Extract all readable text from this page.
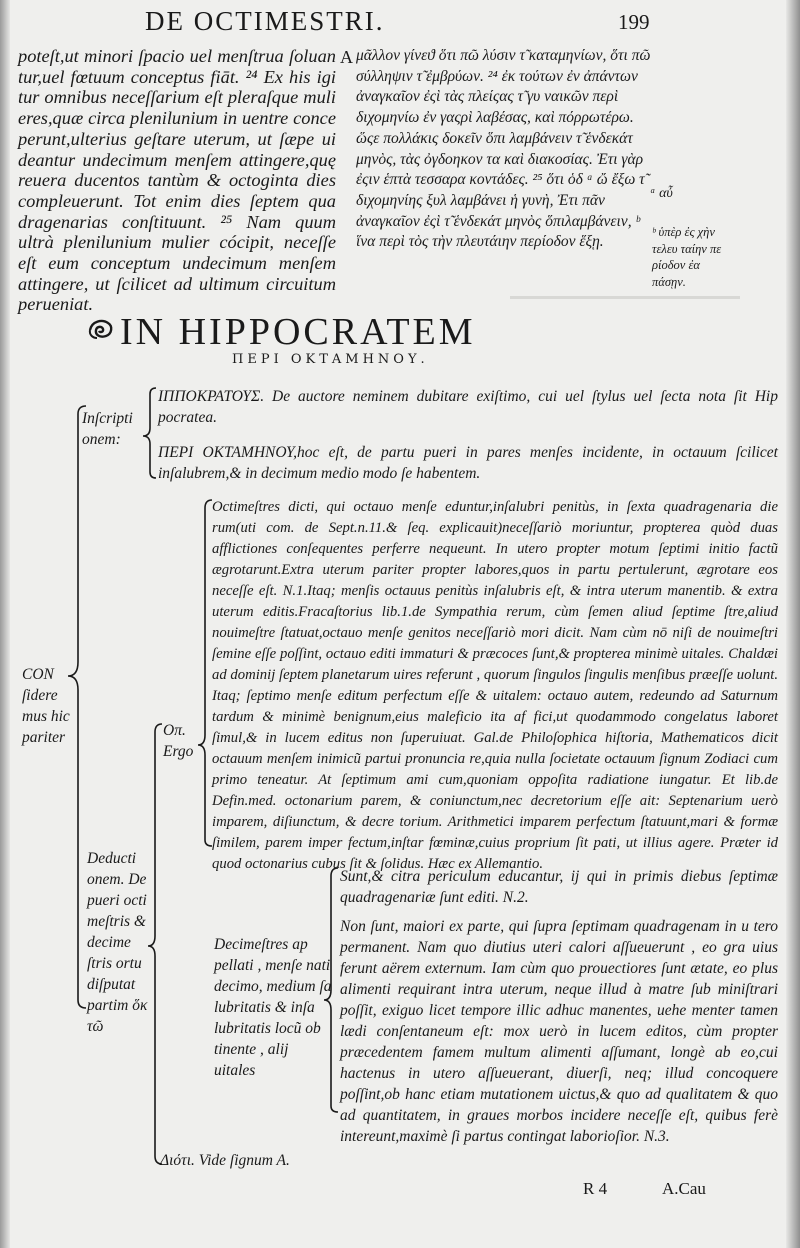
DE OCTIMESTRI.	199
poteſt,ut minori ſpacio uel menſtrua ſoluan tur,uel fœtuum conceptus fiāt. ²⁴ Ex his igi tur omnibus neceſſarium eſt pleraſque muli eres,quæ circa plenilunium in uentre conce perunt,ulterius geſtare uterum, ut ſæpe ui deantur undecimum menſem attingere,quę reuera ducentos tantùm & octoginta dies compleuerunt. Tot enim dies ſeptem qua dragenarias conſtituunt. ²⁵ Nam quum ultrà plenilunium mulier cócipit, neceſſe eſt eum conceptum undecimum menſem attingere, ut ſcilicet ad ultimum circuitum perueniat.
A μᾶλλον γίνεϑ ὅτι πῶ λύσιν τ̃ καταμηνίων, ὅτι πῶ σύλληψιν τ̃ ἐμβρύων. ²⁴ ἐκ τούτων ἐν ἀπάντων ἀναγκαῖον ἐςὶ τὰς πλείςας τ̃ γυ ναικῶν περὶ διχομηνίω ἐν γαςρὶ λαβέσας, καὶ πόρρωτέρω. ὥςε πολλάκις δοκεῖν ὅπι λαμβάνειν τ̃ ἑνδεκάτ μηνὸς, τὰς ὀγδοηκον τα καὶ διακοσίας. Ἐτι γὰρ ἐςιν ἑπτὰ τεσσαρα κοντάδες. ²⁵ ὅτι ὁδ ᵃ ὤ ἔξω τ̃ διχομηνίης ξυλ λαμβάνει ἡ γυνὴ, Ἐτι πᾶν ἀναγκαῖον ἐςὶ τ̃ ἑνδεκάτ μηνὸς ὅπιλαμβάνειν, ᵇ ἵνα περὶ τὸς τὴν πλευτάιην περίοδον ἕξῃ.
ᵃ αὖ
ᵇ ὑπὲρ ἐς χὴν τελευ ταίην πε ρίοδον ἐα πάσῃν.
IN HIPPOCRATEM
ΠΕΡΙ ΟΚΤΑΜΗΝΟΥ.
Inſcripti onem:
ΙΠΠΟΚΡΑΤΟΥΣ. De auctore neminem dubitare exiſtimo, cui uel ſtylus uel ſecta nota ſit Hip pocratea.
ΠΕΡΙ ΟΚΤΑΜΗΝΟΥ,hoc eſt, de partu pueri in pares menſes incidente, in octauum ſcilicet inſalubrem,& in decimum medio modo ſe habentem.
CON ſidere mus hic pariter
Deducti onem. De pueri octi meſtris & decime ſtris ortu diſputat partim ὅκ τῶ
Oπ. Ergo
Octimeſtres dicti, qui octauo menſe eduntur,inſalubri penitùs, in ſexta quadragenaria die rum(uti com. de Sept.n.11.& ſeq. explicauit)neceſſariò moriuntur, propterea quòd duas afflictiones conſequentes perferre nequeunt. In utero propter motum ſeptimi initio factũ ægrotarunt.Extra uterum pariter propter labores,quos in partu pertulerunt, ægrotare eos neceſſe eſt. N.1.Itaq; menſis octauus penitùs inſalubris eſt, & intra uterum manentib. & extra uterum editis.Fracaſtorius lib.1.de Sympathia rerum, cùm ſemen aliud ſeptime ſtre,aliud nouimeſtre ſtatuat,octauo menſe genitos neceſſariò mori dicit. Nam cùm nō niſi de nouimeſtri ſemine eſſe poſſint, octauo editi immaturi & præcoces ſunt,& propterea minimè uitales. Chaldæi ad dominij ſeptem planetarum uires referunt , quorum ſingulos ſingulis menſibus præeſſe uolunt. Itaq; ſeptimo menſe editum perfectum eſſe & uitalem: octauo autem, redeundo ad Saturnum tardum & minimè benignum,eius maleficio ita af fici,ut quodammodo congelatus laboret ſimul,& in lucem editus non ſuperuiuat. Gal.de Philoſophica hiſtoria, Mathematicos dicit octauum menſem inimicũ partui pronuncia re,quia nulla ſocietate octauum ſignum Zodiaci cum primo teneatur. At ſeptimum ami cum,quoniam oppoſita radiatione iungatur. Et lib.de Defin.med. octonarium parem, & coniunctum,nec decretorium eſſe ait: Septenarium uerò imparem, diſiunctum, & decre torium. Arithmetici imparem perfectum ſtatuunt,mari & formæ ſimilem, parem imper fectum,inſtar fœminæ,cuius proprium ſit pati, ut illius agere. Præter id quod octonarius cubus ſit & ſolidus. Hæc ex Allemantio.
Decimeſtres ap pellati , menſe nati decimo, medium ſa lubritatis & inſa lubritatis locũ ob tinente , alij uitales
Sunt,& citra periculum educantur, ij qui in primis diebus ſeptimæ quadragenariæ ſunt editi. N.2.
Non ſunt, maiori ex parte, qui ſupra ſeptimam quadragenam in u tero permanent. Nam quo diutius uteri calori aſſueuerunt , eo gra uius ferunt aërem externum. Iam cùm quo prouectiores ſunt ætate, eo plus alimenti requirant intra uterum, neque illud à matre ſub miniſtrari poſſit, exiguo licet tempore illic adhuc manentes, uehe menter tamen lædi conſentaneum eſt: mox uerò in lucem editos, cùm propter præcedentem famem multum alimenti aſſumant, longè ab eo,cui hactenus in utero aſſueuerant, diuerſi, neq; illud concoquere poſſint,ob hanc etiam mutationem uictus,& quo ad qualitatem & quo ad quantitatem, in graues morbos incidere neceſſe eſt, quibus ferè intereunt,maximè ſi partus contingat laborioſior. N.3.
Διότι. Vide ſignum A.
R 4	A.Cau
